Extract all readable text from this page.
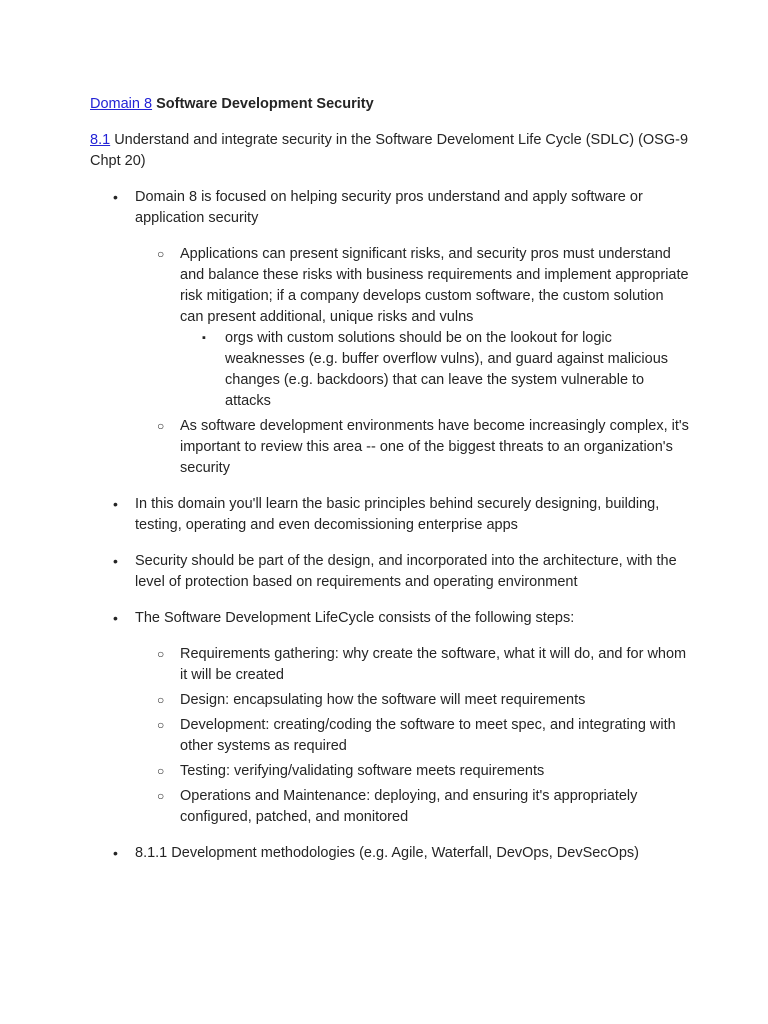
Domain 8 Software Development Security

8.1 Understand and integrate security in the Software Develoment Life Cycle (SDLC) (OSG-9 Chpt 20)

• Domain 8 is focused on helping security pros understand and apply software or application security
○ Applications can present significant risks, and security pros must understand and balance these risks with business requirements and implement appropriate risk mitigation; if a company develops custom software, the custom solution can present additional, unique risks and vulns
▪ orgs with custom solutions should be on the lookout for logic weaknesses (e.g. buffer overflow vulns), and guard against malicious changes (e.g. backdoors) that can leave the system vulnerable to attacks
○ As software development environments have become increasingly complex, it's important to review this area -- one of the biggest threats to an organization's security
• In this domain you'll learn the basic principles behind securely designing, building, testing, operating and even decomissioning enterprise apps
• Security should be part of the design, and incorporated into the architecture, with the level of protection based on requirements and operating environment
• The Software Development LifeCycle consists of the following steps:
○ Requirements gathering: why create the software, what it will do, and for whom it will be created
○ Design: encapsulating how the software will meet requirements
○ Development: creating/coding the software to meet spec, and integrating with other systems as required
○ Testing: verifying/validating software meets requirements
○ Operations and Maintenance: deploying, and ensuring it's appropriately configured, patched, and monitored
• 8.1.1 Development methodologies (e.g. Agile, Waterfall, DevOps, DevSecOps)
